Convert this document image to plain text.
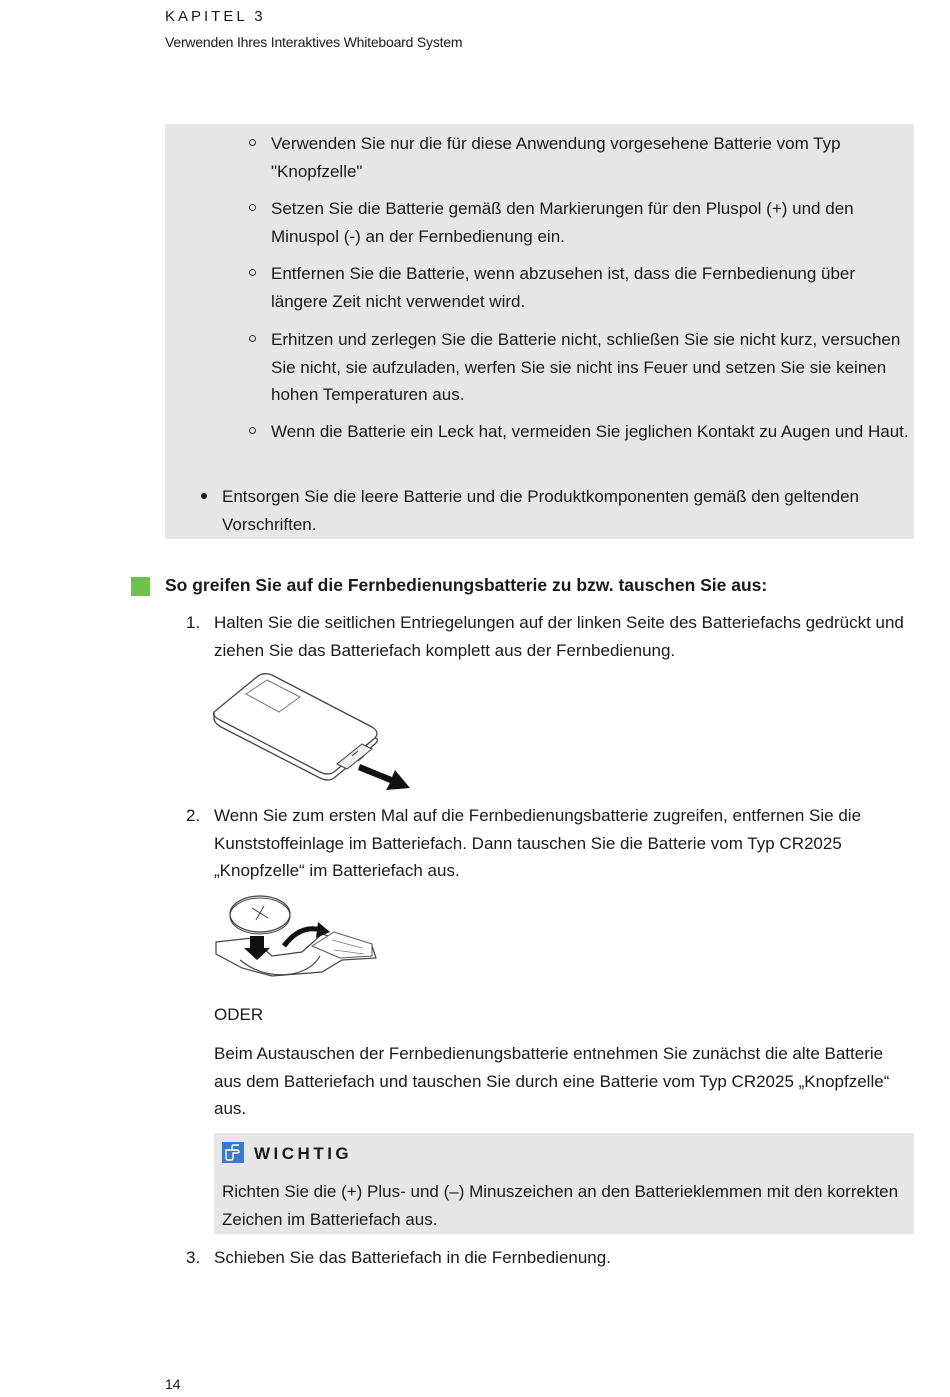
KAPITEL 3
Verwenden Ihres Interaktives Whiteboard System
Verwenden Sie nur die für diese Anwendung vorgesehene Batterie vom Typ "Knopfzelle"
Setzen Sie die Batterie gemäß den Markierungen für den Pluspol (+) und den Minuspol (-) an der Fernbedienung ein.
Entfernen Sie die Batterie, wenn abzusehen ist, dass die Fernbedienung über längere Zeit nicht verwendet wird.
Erhitzen und zerlegen Sie die Batterie nicht, schließen Sie sie nicht kurz, versuchen Sie nicht, sie aufzuladen, werfen Sie sie nicht ins Feuer und setzen Sie sie keinen hohen Temperaturen aus.
Wenn die Batterie ein Leck hat, vermeiden Sie jeglichen Kontakt zu Augen und Haut.
Entsorgen Sie die leere Batterie und die Produktkomponenten gemäß den geltenden Vorschriften.
So greifen Sie auf die Fernbedienungsbatterie zu bzw. tauschen Sie aus:
1. Halten Sie die seitlichen Entriegelungen auf der linken Seite des Batteriefachs gedrückt und ziehen Sie das Batteriefach komplett aus der Fernbedienung.
2. Wenn Sie zum ersten Mal auf die Fernbedienungsbatterie zugreifen, entfernen Sie die Kunststoffeinlage im Batteriefach. Dann tauschen Sie die Batterie vom Typ CR2025 „Knopfzelle“ im Batteriefach aus.
ODER
Beim Austauschen der Fernbedienungsbatterie entnehmen Sie zunächst die alte Batterie aus dem Batteriefach und tauschen Sie durch eine Batterie vom Typ CR2025 „Knopfzelle“ aus.
WICHTIG
Richten Sie die (+) Plus- und (–) Minuszeichen an den Batterieklemmen mit den korrekten Zeichen im Batteriefach aus.
3. Schieben Sie das Batteriefach in die Fernbedienung.
14
